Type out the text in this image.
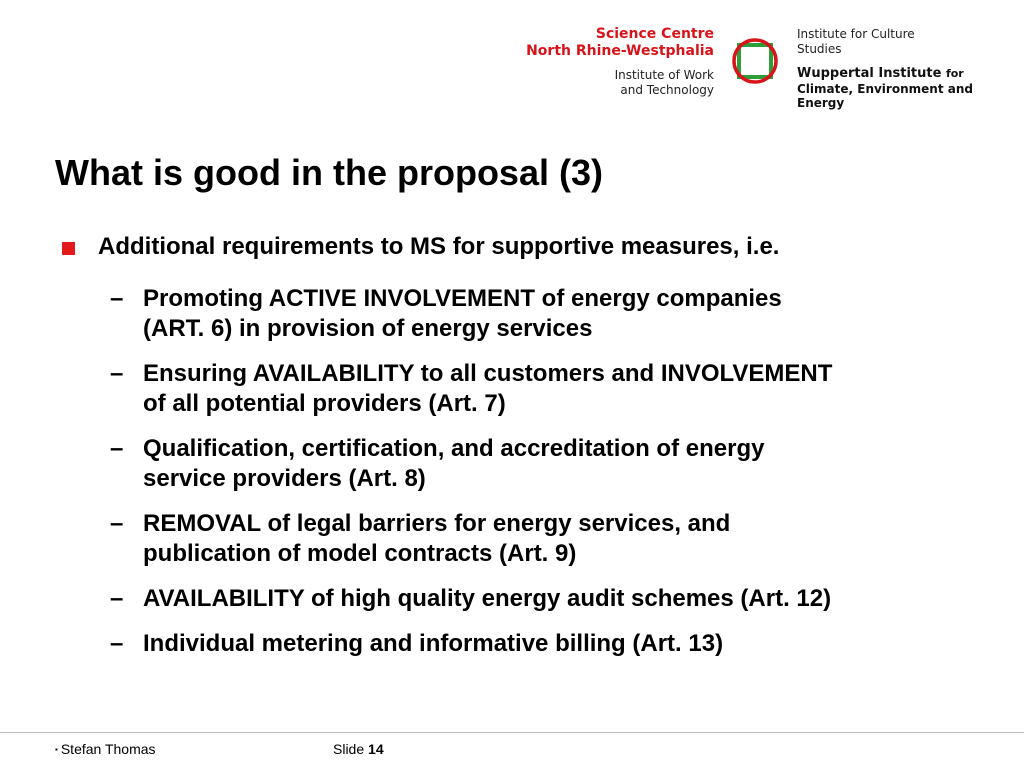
Science Centre
North Rhine-Westphalia
Institute of Work
and Technology
Institute for Culture
Studies
Wuppertal Institute for
Climate, Environment and
Energy
What is good in the proposal (3)
Additional requirements to MS for supportive measures, i.e.
– Promoting ACTIVE INVOLVEMENT of energy companies
(ART. 6) in provision of energy services
– Ensuring AVAILABILITY to all customers and INVOLVEMENT
of all potential providers (Art. 7)
– Qualification, certification, and accreditation of energy
service providers (Art. 8)
– REMOVAL of legal barriers for energy services, and
publication of model contracts (Art. 9)
– AVAILABILITY of high quality energy audit schemes (Art. 12)
– Individual metering and informative billing (Art. 13)
▪ Stefan Thomas	Slide 14
